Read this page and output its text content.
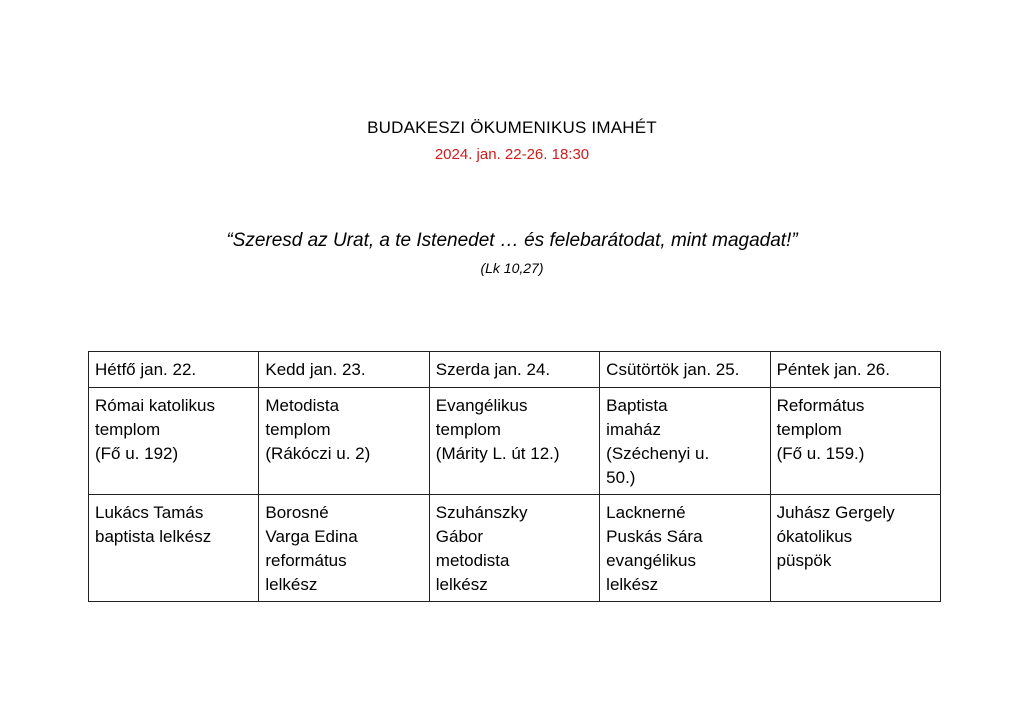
BUDAKESZI ÖKUMENIKUS IMAHÉT
2024. jan. 22-26. 18:30
“Szeresd az Urat, a te Istenedet … és felebarátodat, mint magadat!”
(Lk 10,27)
Hétfő jan. 22.	Kedd jan. 23.	Szerda jan. 24.	Csütörtök jan. 25.	Péntek jan. 26.

Római katolikus
templom
(Fő u. 192)	Metodista
templom
(Rákóczi u. 2)	Evangélikus
templom
(Márity L. út 12.)	Baptista
imaház
(Széchenyi u.
50.)	Református
templom
(Fő u. 159.)

Lukács Tamás
baptista lelkész	Borosné
Varga Edina
református
lelkész	Szuhánszky
Gábor
metodista
lelkész	Lacknerné
Puskás Sára
evangélikus
lelkész	Juhász Gergely
ókatolikus
püspök
